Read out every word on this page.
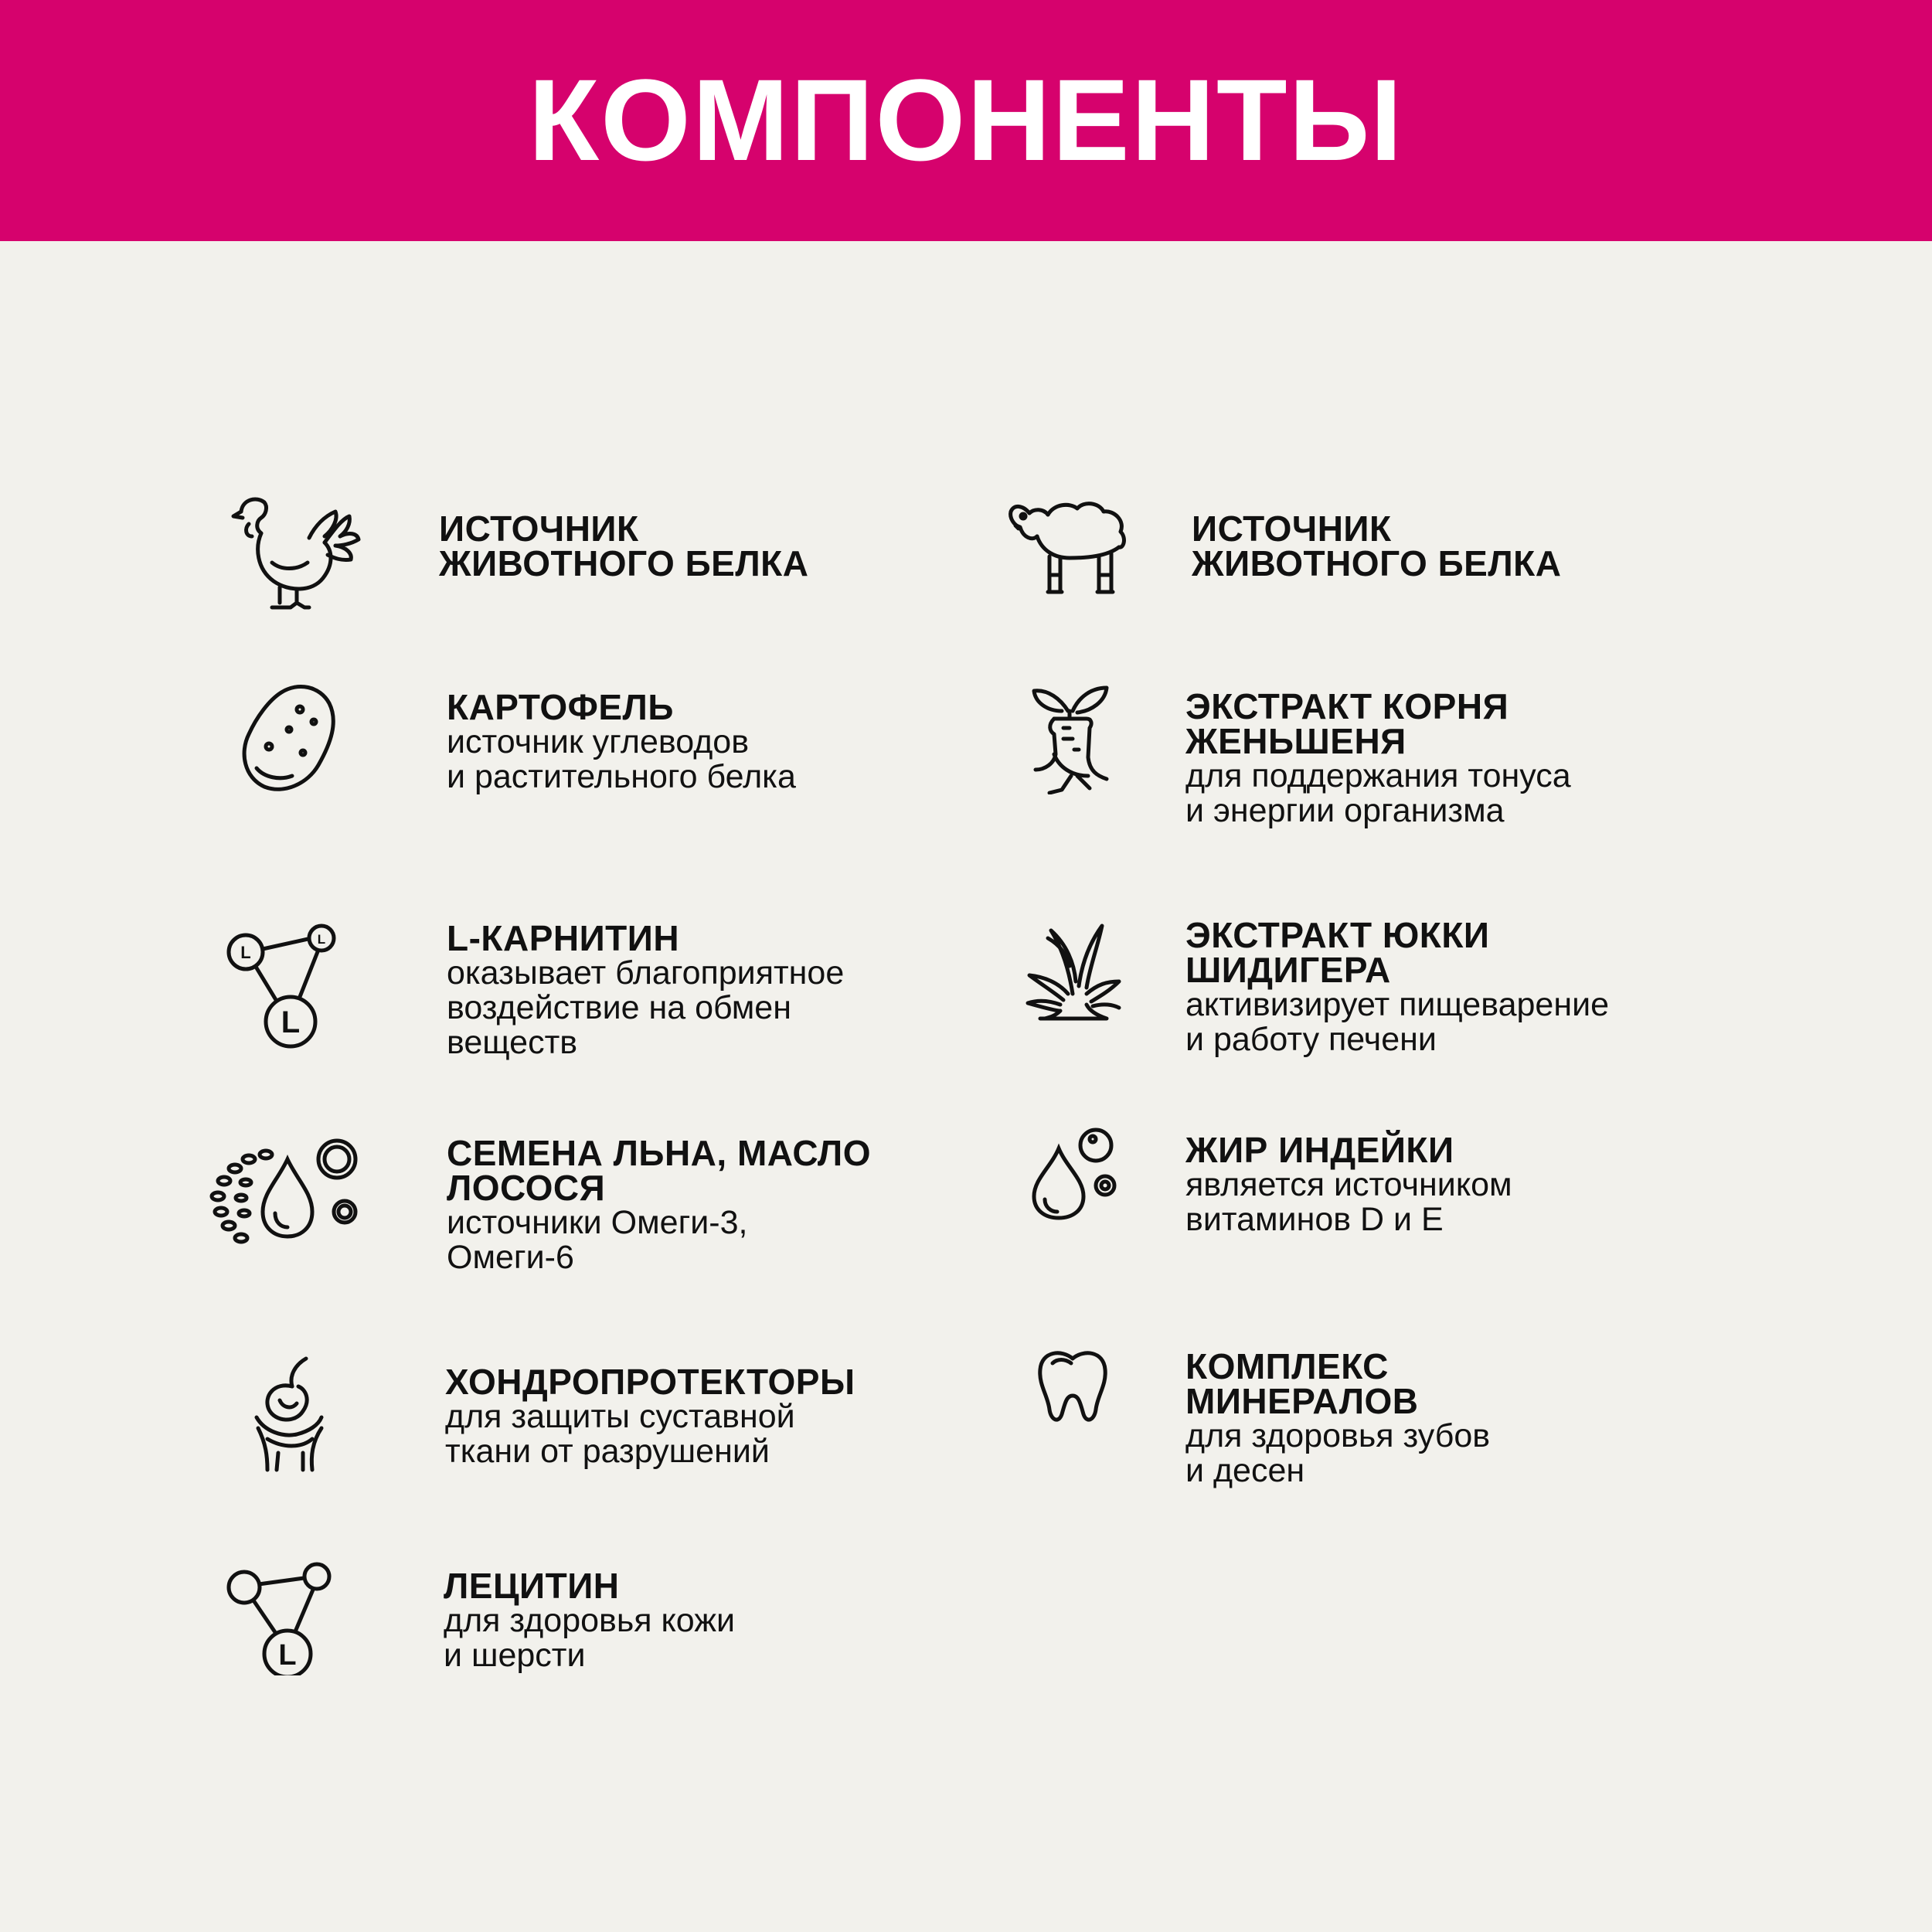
КОМПОНЕНТЫ
ИСТОЧНИК
ЖИВОТНОГО БЕЛКА
КАРТОФЕЛЬ
источник углеводов
и растительного белка
L
L
L
L-КАРНИТИН
оказывает благоприятное
воздействие на обмен
веществ
СЕМЕНА ЛЬНА, МАСЛО
ЛОСОСЯ
источники Омеги-3,
Омеги-6
ХОНДРОПРОТЕКТОРЫ
для защиты суставной
ткани от разрушений
L
ЛЕЦИТИН
для здоровья кожи
и шерсти
ИСТОЧНИК
ЖИВОТНОГО БЕЛКА
ЭКСТРАКТ КОРНЯ
ЖЕНЬШЕНЯ
для поддержания тонуса
и энергии организма
ЭКСТРАКТ ЮККИ
ШИДИГЕРА
активизирует пищеварение
и работу печени
ЖИР ИНДЕЙКИ
является источником
витаминов D и E
КОМПЛЕКС
МИНЕРАЛОВ
для здоровья зубов
и десен
